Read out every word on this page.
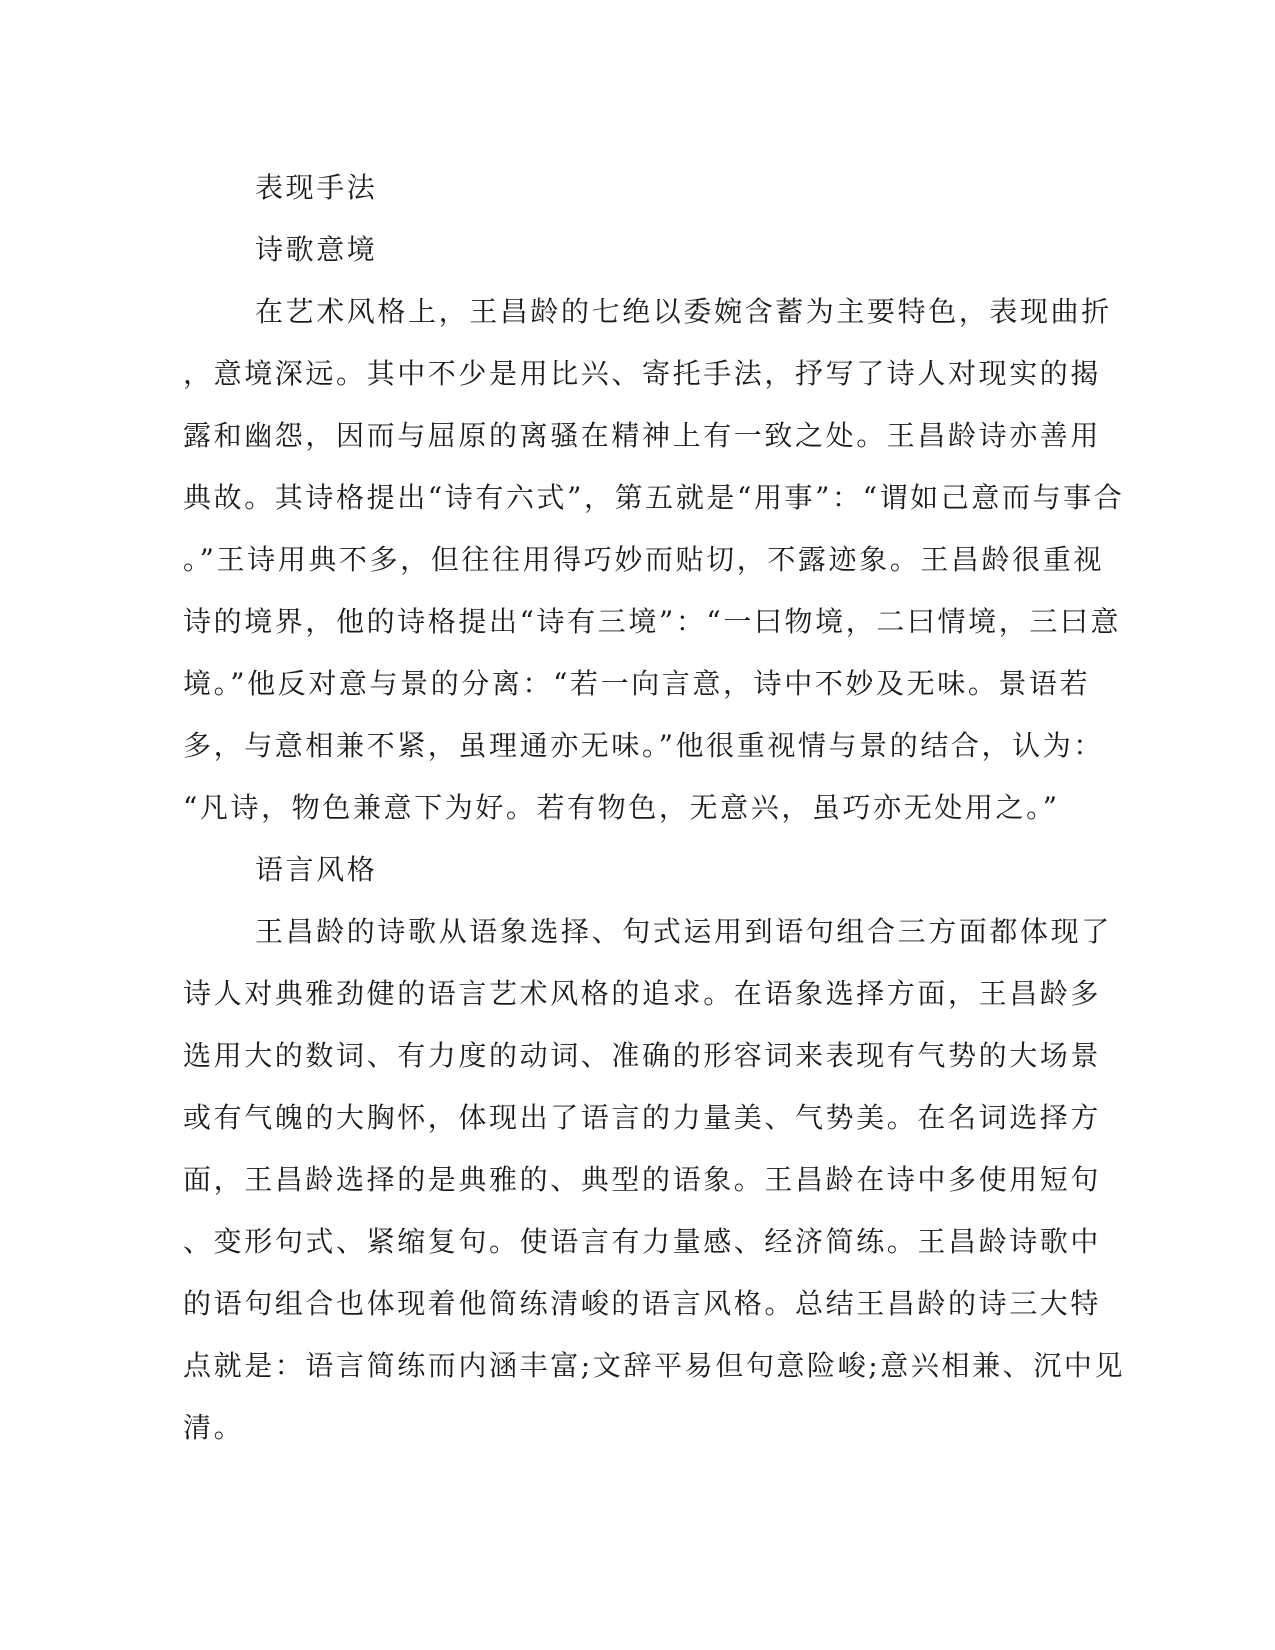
表现手法
诗歌意境
在艺术风格上，王昌龄的七绝以委婉含蓄为主要特色，表现曲折
，意境深远。其中不少是用比兴、寄托手法，抒写了诗人对现实的揭
露和幽怨，因而与屈原的离骚在精神上有一致之处。王昌龄诗亦善用
典故。其诗格提出“诗有六式”，第五就是“用事”：“谓如己意而与事合
。”王诗用典不多，但往往用得巧妙而贴切，不露迹象。王昌龄很重视
诗的境界，他的诗格提出“诗有三境”：“一曰物境，二曰情境，三曰意
境。”他反对意与景的分离：“若一向言意，诗中不妙及无味。景语若
多，与意相兼不紧，虽理通亦无味。”他很重视情与景的结合，认为：
“凡诗，物色兼意下为好。若有物色，无意兴，虽巧亦无处用之。”
语言风格
王昌龄的诗歌从语象选择、句式运用到语句组合三方面都体现了
诗人对典雅劲健的语言艺术风格的追求。在语象选择方面，王昌龄多
选用大的数词、有力度的动词、准确的形容词来表现有气势的大场景
或有气魄的大胸怀，体现出了语言的力量美、气势美。在名词选择方
面，王昌龄选择的是典雅的、典型的语象。王昌龄在诗中多使用短句
、变形句式、紧缩复句。使语言有力量感、经济简练。王昌龄诗歌中
的语句组合也体现着他简练清峻的语言风格。总结王昌龄的诗三大特
点就是：语言简练而内涵丰富;文辞平易但句意险峻;意兴相兼、沉中见
清。
